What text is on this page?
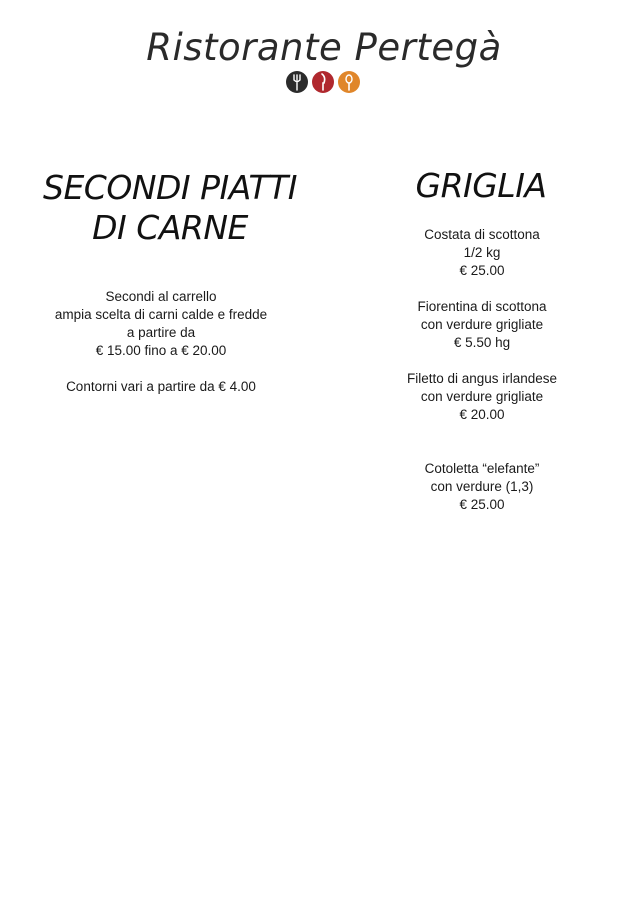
Ristorante Pertegà
SECONDI PIATTI
DI CARNE
Secondi al carrello
ampia scelta di carni calde e fredde
a partire da
€ 15.00 fino a € 20.00
Contorni vari a partire da € 4.00
GRIGLIA
Costata di scottona
1/2 kg
€ 25.00
Fiorentina di scottona
con verdure grigliate
€ 5.50 hg
Filetto di angus irlandese
con verdure grigliate
€ 20.00
Cotoletta “elefante”
con verdure (1,3)
€ 25.00
